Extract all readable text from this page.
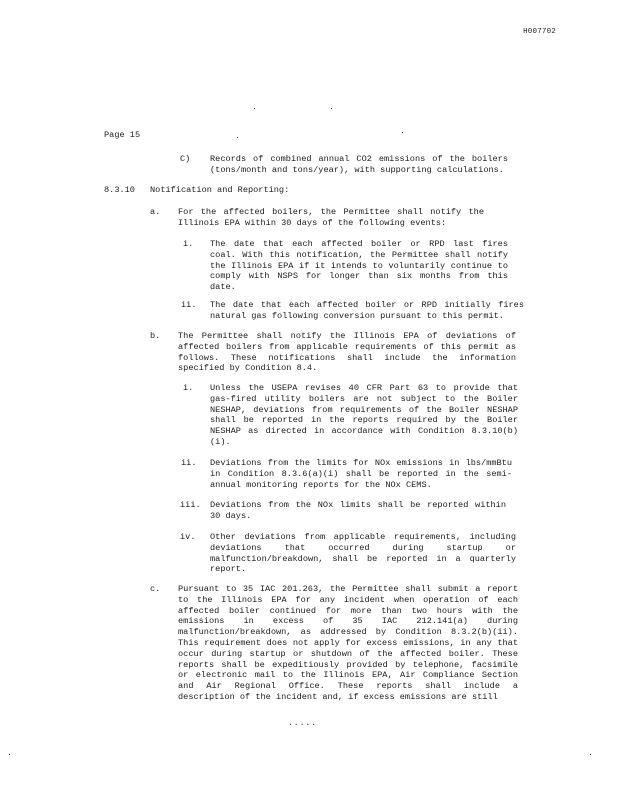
H007702
Page 15
C) Records of combined annual CO2 emissions of the boilers (tons/month and tons/year), with supporting calculations.
8.3.10 Notification and Reporting:
a. For the affected boilers, the Permittee shall notify the Illinois EPA within 30 days of the following events:
i. The date that each affected boiler or RPD last fires coal. With this notification, the Permittee shall notify the Illinois EPA if it intends to voluntarily continue to comply with NSPS for longer than six months from this date.
ii. The date that each affected boiler or RPD initially fires natural gas following conversion pursuant to this permit.
b. The Permittee shall notify the Illinois EPA of deviations of affected boilers from applicable requirements of this permit as follows. These notifications shall include the information specified by Condition 8.4.
i. Unless the USEPA revises 40 CFR Part 63 to provide that gas-fired utility boilers are not subject to the Boiler NESHAP, deviations from requirements of the Boiler NESHAP shall be reported in the reports required by the Boiler NESHAP as directed in accordance with Condition 8.3.10(b)(i).
ii. Deviations from the limits for NOx emissions in lbs/mmBtu in Condition 8.3.6(a)(i) shall be reported in the semi-annual monitoring reports for the NOx CEMS.
iii. Deviations from the NOx limits shall be reported within 30 days.
iv. Other deviations from applicable requirements, including deviations that occurred during startup or malfunction/breakdown, shall be reported in a quarterly report.
c. Pursuant to 35 IAC 201.263, the Permittee shall submit a report to the Illinois EPA for any incident when operation of each affected boiler continued for more than two hours with the emissions in excess of 35 IAC 212.141(a) during malfunction/breakdown, as addressed by Condition 8.3.2(b)(ii). This requirement does not apply for excess emissions, in any that occur during startup or shutdown of the affected boiler. These reports shall be expeditiously provided by telephone, facsimile or electronic mail to the Illinois EPA, Air Compliance Section and Air Regional Office. These reports shall include a description of the incident and, if excess emissions are still
.....
